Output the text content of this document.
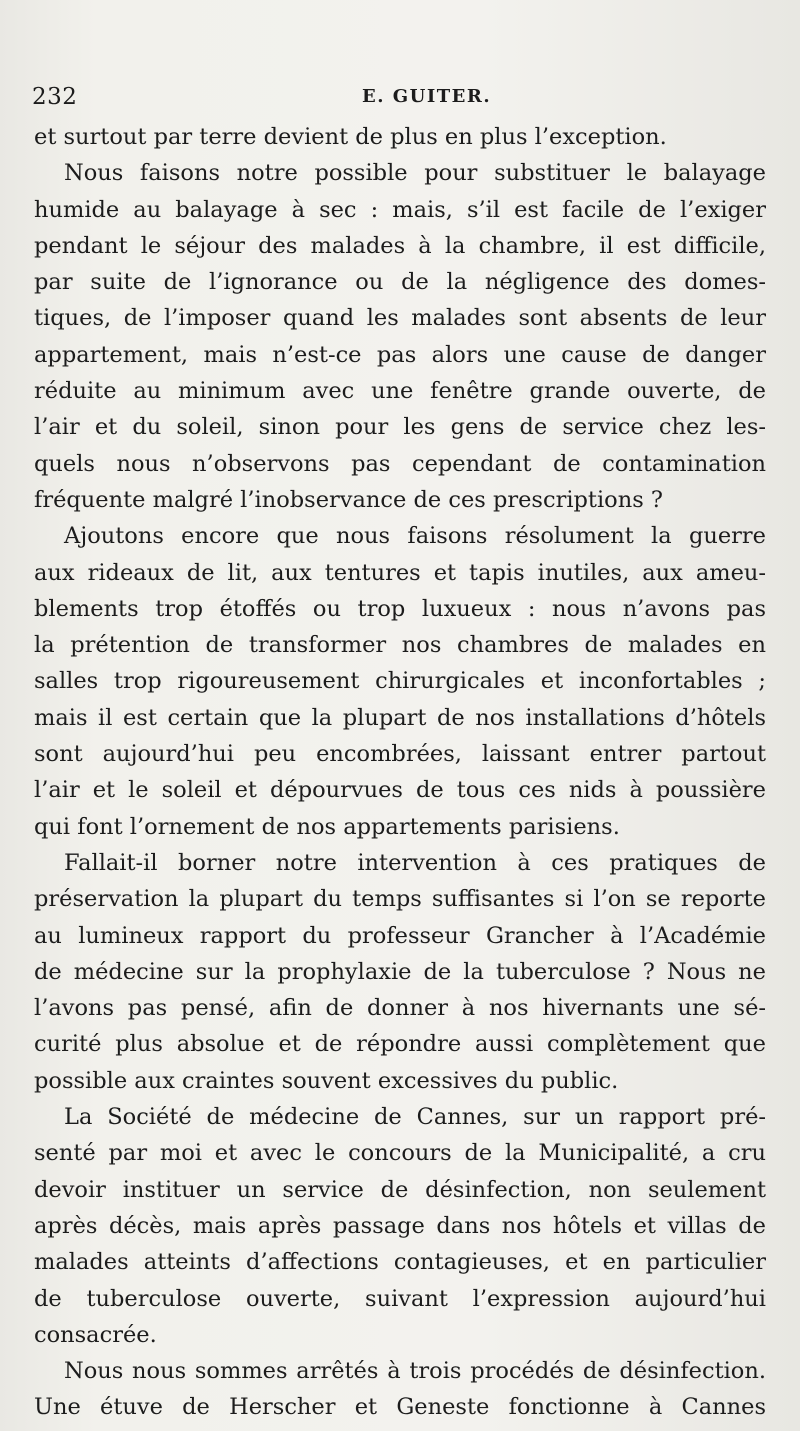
232	E. GUITER.
et surtout par terre devient de plus en plus l’exception.
Nous faisons notre possible pour substituer le balayage
humide au balayage à sec : mais, s’il est facile de l’exiger
pendant le séjour des malades à la chambre, il est difficile,
par suite de l’ignorance ou de la négligence des domes-
tiques, de l’imposer quand les malades sont absents de leur
appartement, mais n’est-ce pas alors une cause de danger
réduite au minimum avec une fenêtre grande ouverte, de
l’air et du soleil, sinon pour les gens de service chez les-
quels nous n’observons pas cependant de contamination
fréquente malgré l’inobservance de ces prescriptions ?
Ajoutons encore que nous faisons résolument la guerre
aux rideaux de lit, aux tentures et tapis inutiles, aux ameu-
blements trop étoffés ou trop luxueux : nous n’avons pas
la prétention de transformer nos chambres de malades en
salles trop rigoureusement chirurgicales et inconfortables ;
mais il est certain que la plupart de nos installations d’hôtels
sont aujourd’hui peu encombrées, laissant entrer partout
l’air et le soleil et dépourvues de tous ces nids à poussière
qui font l’ornement de nos appartements parisiens.
Fallait-il borner notre intervention à ces pratiques de
préservation la plupart du temps suffisantes si l’on se reporte
au lumineux rapport du professeur Grancher à l’Académie
de médecine sur la prophylaxie de la tuberculose ? Nous ne
l’avons pas pensé, afin de donner à nos hivernants une sé-
curité plus absolue et de répondre aussi complètement que
possible aux craintes souvent excessives du public.
La Société de médecine de Cannes, sur un rapport pré-
senté par moi et avec le concours de la Municipalité, a cru
devoir instituer un service de désinfection, non seulement
après décès, mais après passage dans nos hôtels et villas de
malades atteints d’affections contagieuses, et en particulier
de tuberculose ouverte, suivant l’expression aujourd’hui
consacrée.
Nous nous sommes arrêtés à trois procédés de désinfection.
Une étuve de Herscher et Geneste fonctionne à Cannes
